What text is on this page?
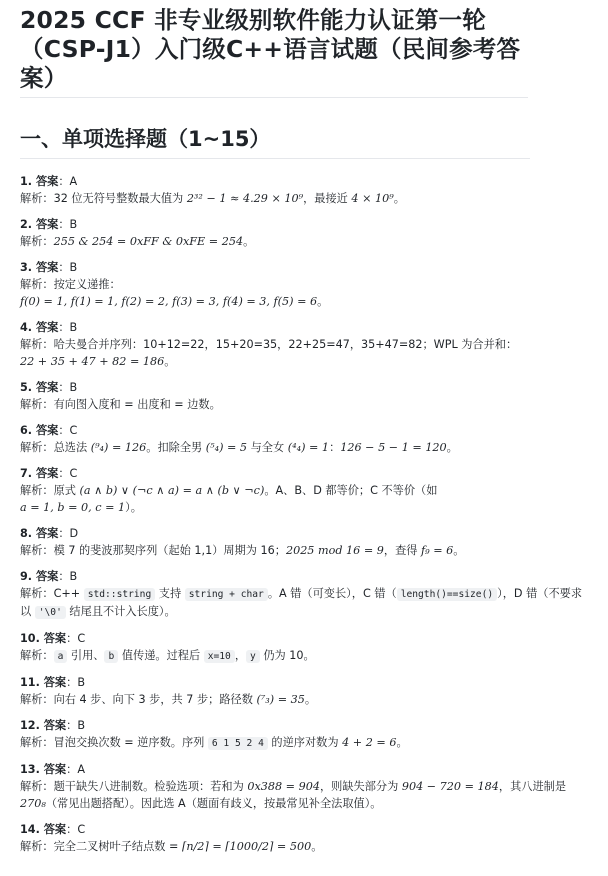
2025 CCF 非专业级别软件能力认证第一轮（CSP-J1）入门级C++语言试题（民间参考答案）
一、单项选择题（1~15）
1. 答案：A
解析：32 位无符号整数最大值为 2³² − 1 ≈ 4.29 × 10⁹，最接近 4 × 10⁹。
2. 答案：B
解析：255 & 254 = 0xFF & 0xFE = 254。
3. 答案：B
解析：按定义递推：
f(0) = 1, f(1) = 1, f(2) = 2, f(3) = 3, f(4) = 3, f(5) = 6。
4. 答案：B
解析：哈夫曼合并序列：10+12=22，15+20=35，22+25=47，35+47=82；WPL 为合并和：
22 + 35 + 47 + 82 = 186。
5. 答案：B
解析：有向图入度和 = 出度和 = 边数。
6. 答案：C
解析：总选法 (⁹₄) = 126。扣除全男 (⁵₄) = 5 与全女 (⁴₄) = 1：126 − 5 − 1 = 120。
7. 答案：C
解析：原式 (a ∧ b) ∨ (¬c ∧ a) = a ∧ (b ∨ ¬c)。A、B、D 都等价；C 不等价（如
a = 1, b = 0, c = 1）。
8. 答案：D
解析：模 7 的斐波那契序列（起始 1,1）周期为 16；2025 mod 16 = 9，查得 f₉ = 6。
9. 答案：B
解析：C++ std::string 支持 string + char 。A 错（可变长），C 错（ length()==size() ），D 错（不要求以 '\0' 结尾且不计入长度）。
10. 答案：C
解析： a 引用、 b 值传递。过程后 x=10 ， y 仍为 10。
11. 答案：B
解析：向右 4 步、向下 3 步，共 7 步；路径数 (⁷₃) = 35。
12. 答案：B
解析：冒泡交换次数 = 逆序数。序列 6 1 5 2 4 的逆序对数为 4 + 2 = 6。
13. 答案：A
解析：题干缺失八进制数。检验选项：若和为 0x388 = 904，则缺失部分为 904 − 720 = 184，其八进制是 270₈（常见出题搭配）。因此选 A（题面有歧义，按最常见补全法取值）。
14. 答案：C
解析：完全二叉树叶子结点数 = ⌈n/2⌉ = ⌈1000/2⌉ = 500。
